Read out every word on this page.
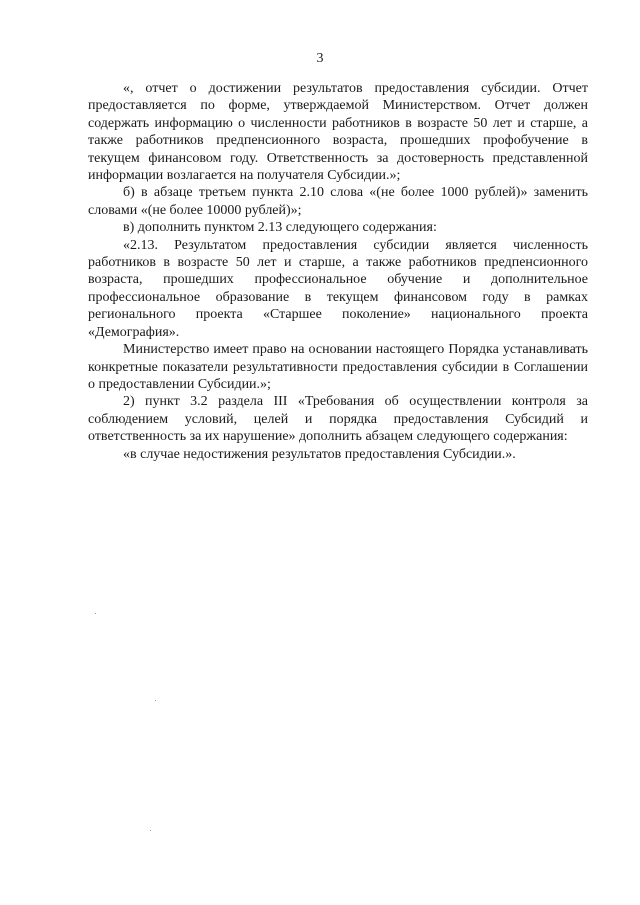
3

«, отчет о достижении результатов предоставления субсидии. Отчет предоставляется по форме, утверждаемой Министерством. Отчет должен содержать информацию о численности работников в возрасте 50 лет и старше, а также работников предпенсионного возраста, прошедших профобучение в текущем финансовом году. Ответственность за достоверность представленной информации возлагается на получателя Субсидии.»;

б) в абзаце третьем пункта 2.10 слова «(не более 1000 рублей)» заменить словами «(не более 10000 рублей)»;

в) дополнить пунктом 2.13 следующего содержания:

«2.13. Результатом предоставления субсидии является численность работников в возрасте 50 лет и старше, а также работников предпенсионного возраста, прошедших профессиональное обучение и дополнительное профессиональное образование в текущем финансовом году в рамках регионального проекта «Старшее поколение» национального проекта «Демография».

Министерство имеет право на основании настоящего Порядка устанавливать конкретные показатели результативности предоставления субсидии в Соглашении о предоставлении Субсидии.»;

2) пункт 3.2 раздела III «Требования об осуществлении контроля за соблюдением условий, целей и порядка предоставления Субсидий и ответственность за их нарушение» дополнить абзацем следующего содержания:

«в случае недостижения результатов предоставления Субсидии.».
